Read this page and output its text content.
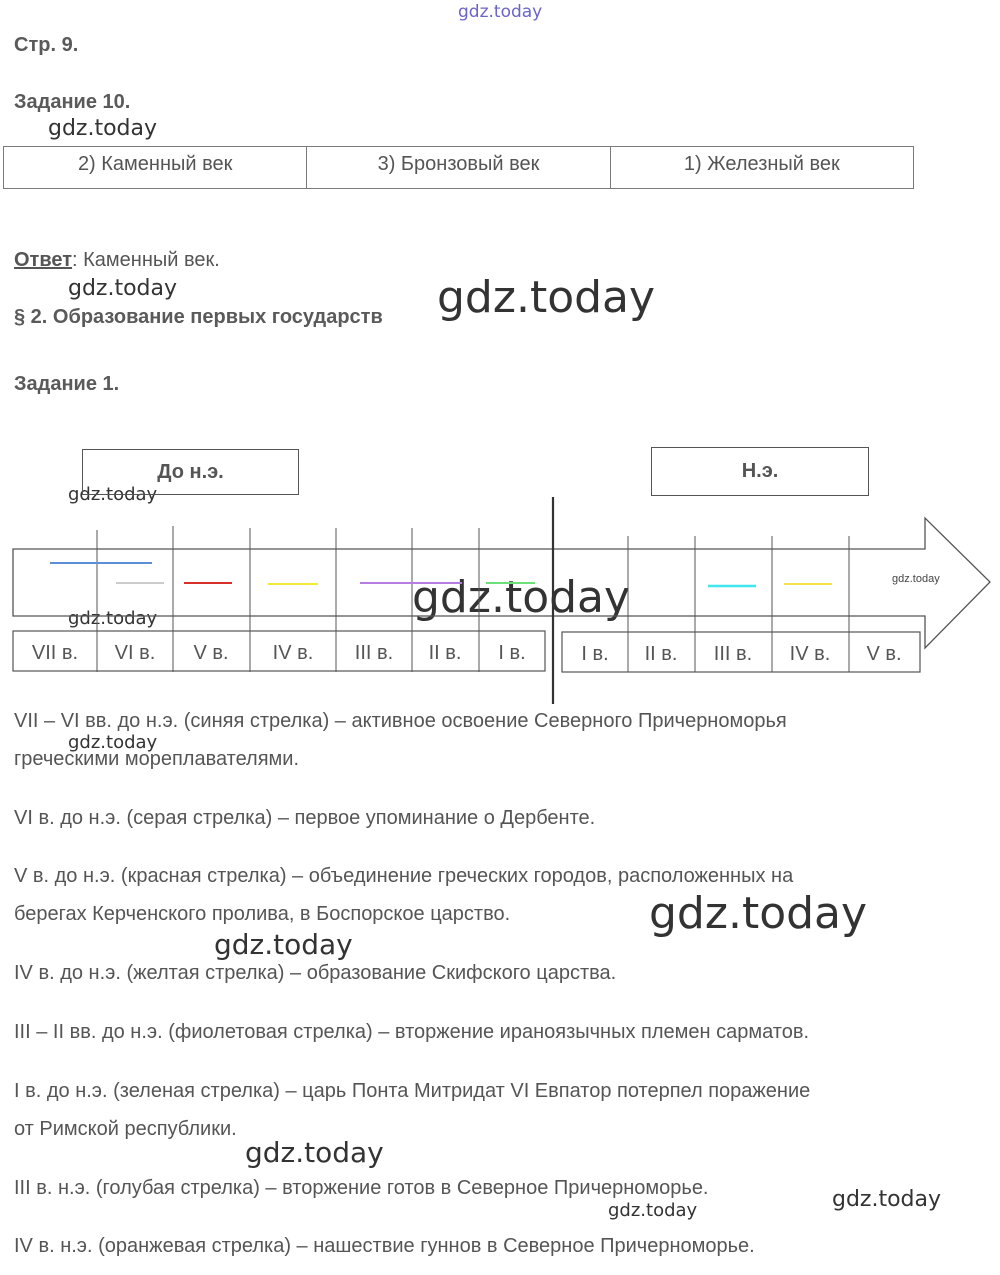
gdz.today
gdz.today
gdz.today	gdz.today
gdz.today
gdz.today	gdz.today
gdz.today
gdz.today
gdz.today
gdz.today
gdz.today
gdz.today
Стр. 9.
Задание 10.
2) Каменный век	3) Бронзовый век	1) Железный век
Ответ: Каменный век.
§ 2. Образование первых государств
Задание 1.
До н.э.	Н.э.
VII в. VI в. V в. IV в. III в. II в. I в.	I в. II в. III в. IV в. V в.
gdz.today
VII – VI вв. до н.э. (синяя стрелка) – активное освоение Северного Причерноморья
греческими мореплавателями.
VI в. до н.э. (серая стрелка) – первое упоминание о Дербенте.
V в. до н.э. (красная стрелка) – объединение греческих городов, расположенных на
берегах Керченского пролива, в Боспорское царство.
IV в. до н.э. (желтая стрелка) – образование Скифского царства.
III – II вв. до н.э. (фиолетовая стрелка) – вторжение ираноязычных племен сарматов.
I в. до н.э. (зеленая стрелка) – царь Понта Митридат VI Евпатор потерпел поражение
от Римской республики.
III в. н.э. (голубая стрелка) – вторжение готов в Северное Причерноморье.
IV в. н.э. (оранжевая стрелка) – нашествие гуннов в Северное Причерноморье.
